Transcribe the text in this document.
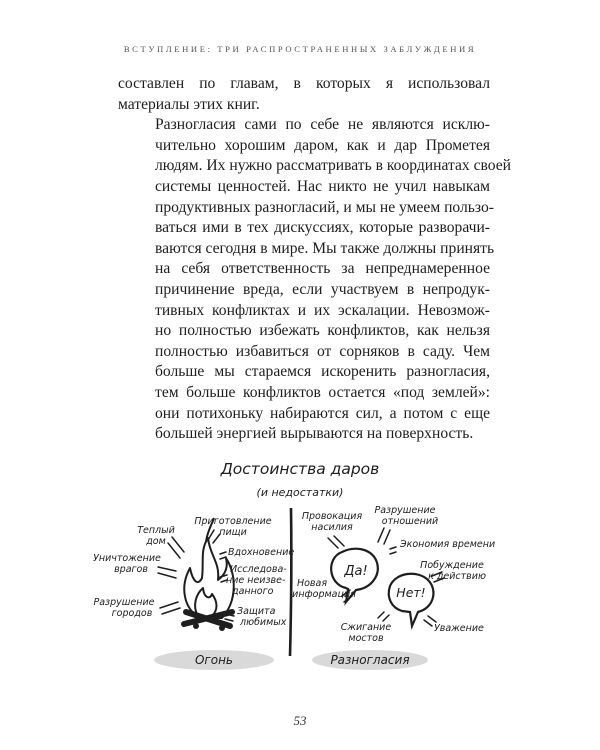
ВСТУПЛЕНИЕ: ТРИ РАСПРОСТРАНЕННЫХ ЗАБЛУЖДЕНИЯ

составлен по главам, в которых я использовал
материалы этих книг.

Разногласия сами по себе не являются исклю-
чительно хорошим даром, как и дар Прометея
людям. Их нужно рассматривать в координатах своей
системы ценностей. Нас никто не учил навыкам
продуктивных разногласий, и мы не умеем пользо-
ваться ими в тех дискуссиях, которые разворачи-
ваются сегодня в мире. Мы также должны принять
на себя ответственность за непреднамеренное
причинение вреда, если участвуем в непродук-
тивных конфликтах и их эскалации. Невозмож-
но полностью избежать конфликтов, как нельзя
полностью избавиться от сорняков в саду. Чем
больше мы стараемся искоренить разногласия,
тем больше конфликтов остается «под землей»:
они потихоньку набираются сил, а потом с еще
большей энергией вырываются на поверхность.

Достоинства даров
(и недостатки)
Теплый
дом
Приготовление
пищи
Уничтожение
врагов
Вдохновение
Исследова-
ние неизве-
данного
Разрушение
городов	Защита
любимых
Огонь
Да!
Нет!
Провокация
насилия
Разрушение
отношений
Экономия времени
Побуждение
к действию
Новая
информация
Сжигание
мостов
Уважение
Разногласия
53
